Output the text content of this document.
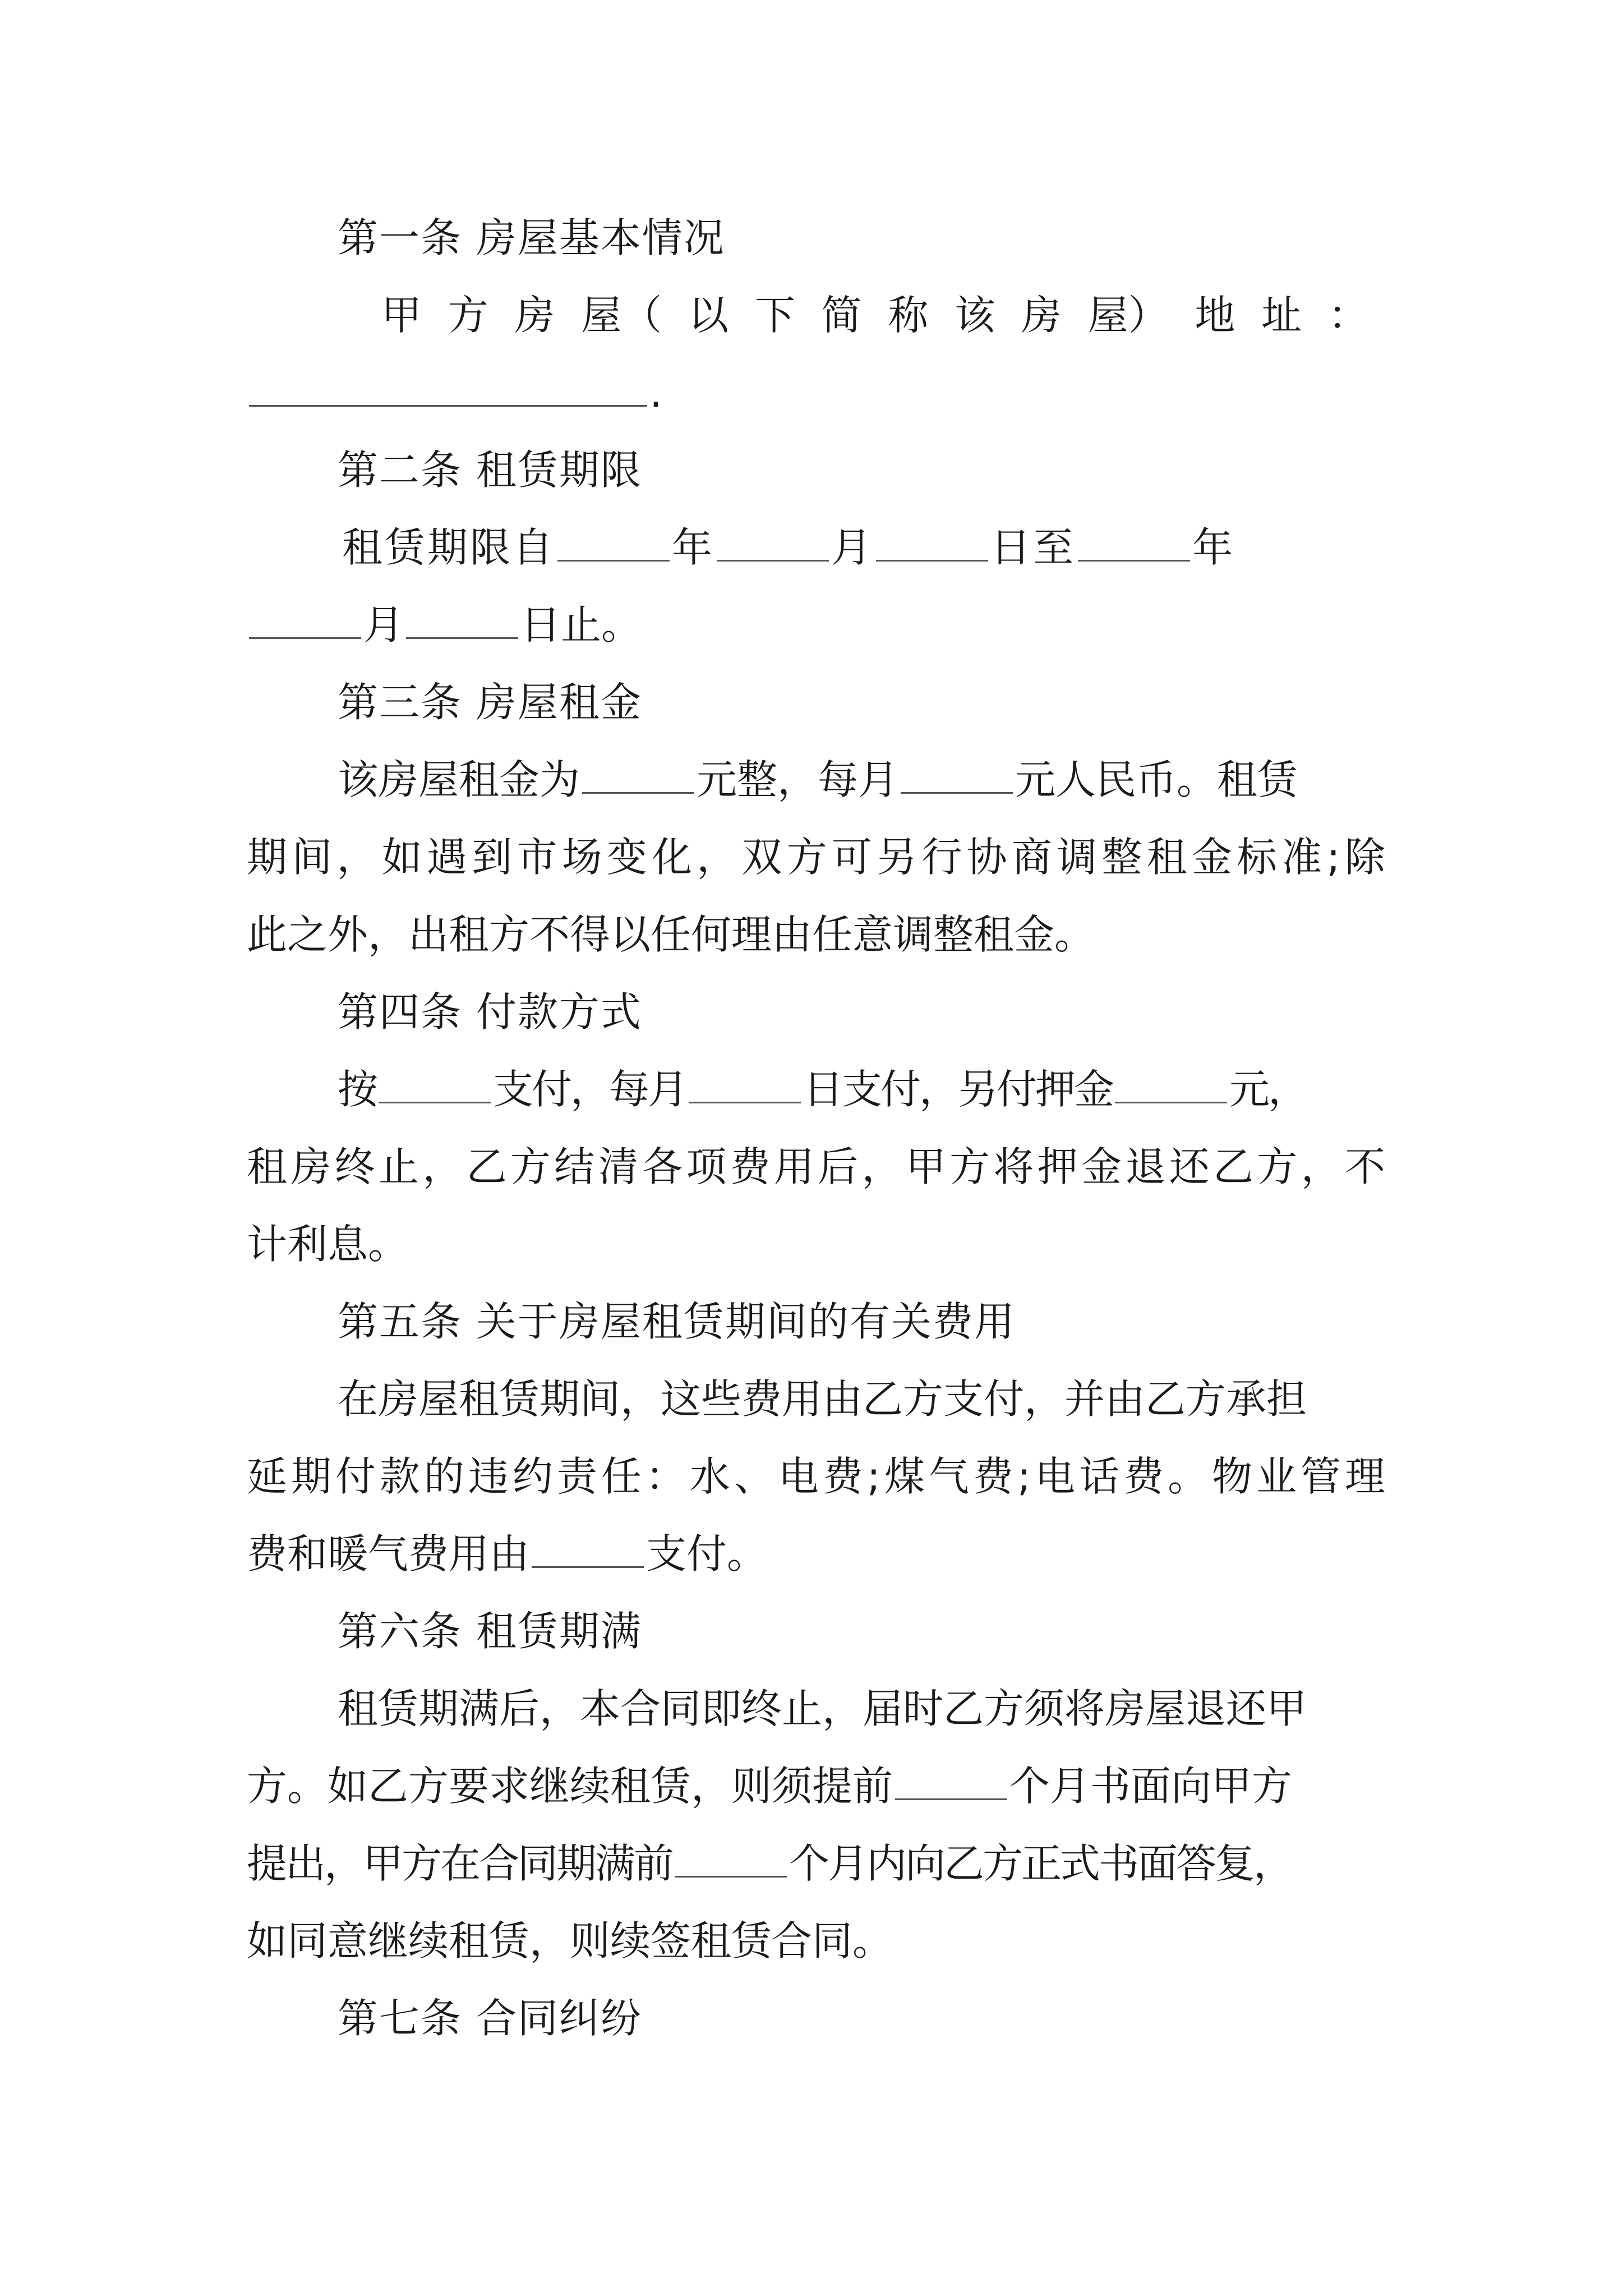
第一条 房屋基本情况
甲 方 房 屋（ 以 下 简 称 该 房 屋） 地 址 ：
.
第二条 租赁期限
租赁期限自	年	月	日至	年
月	日止。
第三条 房屋租金
该房屋租金为	元整，每月	元人民币。租赁
期间，如遇到市场变化，双方可另行协商调整租金标准;除
此之外，出租方不得以任何理由任意调整租金。
第四条 付款方式
按	支付，每月	日支付，另付押金	元，
租房终止，乙方结清各项费用后，甲方将押金退还乙方，不
计利息。
第五条 关于房屋租赁期间的有关费用
在房屋租赁期间，这些费用由乙方支付，并由乙方承担
延期付款的违约责任：水、电费;煤气费;电话费。物业管理
费和暖气费用由	支付。
第六条 租赁期满
租赁期满后，本合同即终止，届时乙方须将房屋退还甲
方。如乙方要求继续租赁，则须提前	个月书面向甲方
提出，甲方在合同期满前	个月内向乙方正式书面答复，
如同意继续租赁，则续签租赁合同。
第七条 合同纠纷
